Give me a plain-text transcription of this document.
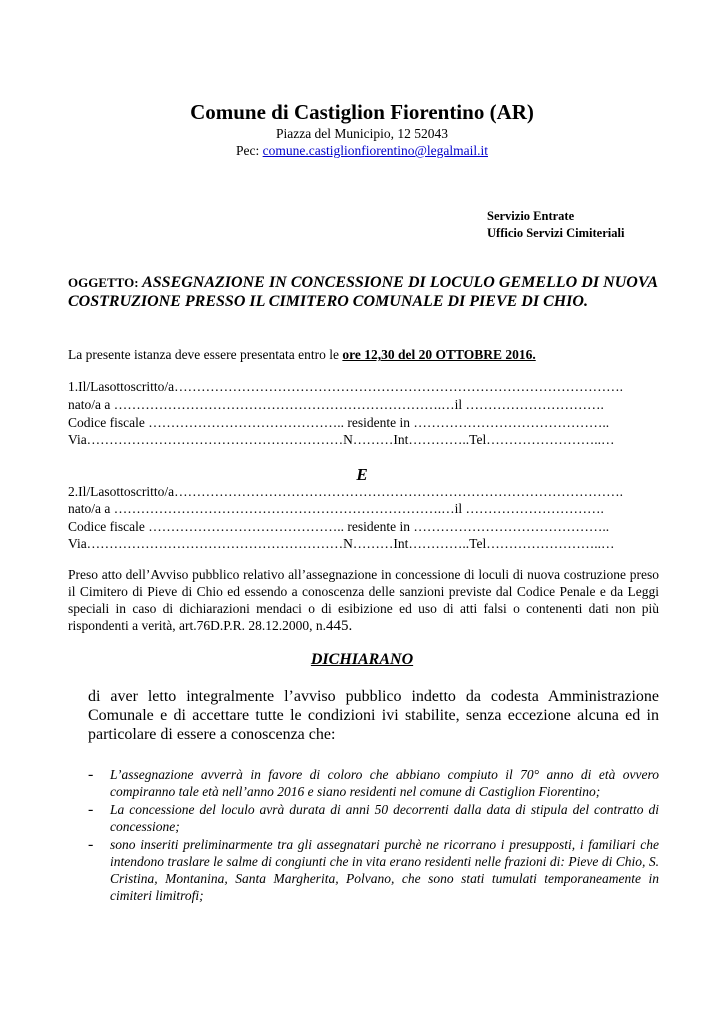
Comune di Castiglion Fiorentino (AR)
Piazza del Municipio, 12 52043
Pec: comune.castiglionfiorentino@legalmail.it
Servizio Entrate
Ufficio Servizi Cimiteriali
OGGETTO: ASSEGNAZIONE IN CONCESSIONE DI LOCULO GEMELLO DI NUOVA COSTRUZIONE PRESSO IL CIMITERO COMUNALE DI PIEVE DI CHIO.
La presente istanza deve essere presentata entro le ore 12,30 del 20 OTTOBRE 2016.
1.Il/Lasottoscritto/a……………………………………………………………………………………….
nato/a a ……………………………………………………………….…il ………………………….
Codice fiscale …………………………………….. residente in ……………………………………..
Via…………………………………………………N………Int…………..Tel……………………..…
E
2.Il/Lasottoscritto/a……………………………………………………………………………………….
nato/a a ……………………………………………………………….…il ………………………….
Codice fiscale …………………………………….. residente in ……………………………………..
Via…………………………………………………N………Int…………..Tel……………………..…
Preso atto dell’Avviso pubblico relativo all’assegnazione in concessione di loculi di nuova costruzione preso il Cimitero di Pieve di Chio ed essendo a conoscenza delle sanzioni previste dal Codice Penale e da Leggi speciali in caso di dichiarazioni mendaci o di esibizione ed uso di atti falsi o contenenti dati non più rispondenti a verità, art.76D.P.R. 28.12.2000, n.445.
DICHIARANO
di aver letto integralmente l’avviso pubblico indetto da codesta Amministrazione Comunale e di accettare tutte le condizioni ivi stabilite, senza eccezione alcuna ed in particolare di essere a conoscenza che:
- L’assegnazione avverrà in favore di coloro che abbiano compiuto il 70° anno di età ovvero compiranno tale età nell’anno 2016 e siano residenti nel comune di Castiglion Fiorentino;
- La concessione del loculo avrà durata di anni 50 decorrenti dalla data di stipula del contratto di concessione;
- sono inseriti preliminarmente tra gli assegnatari purchè ne ricorrano i presupposti, i familiari che intendono traslare le salme di congiunti che in vita erano residenti nelle frazioni di: Pieve di Chio, S. Cristina, Montanina, Santa Margherita, Polvano, che sono stati tumulati temporaneamente in cimiteri limitrofi;
